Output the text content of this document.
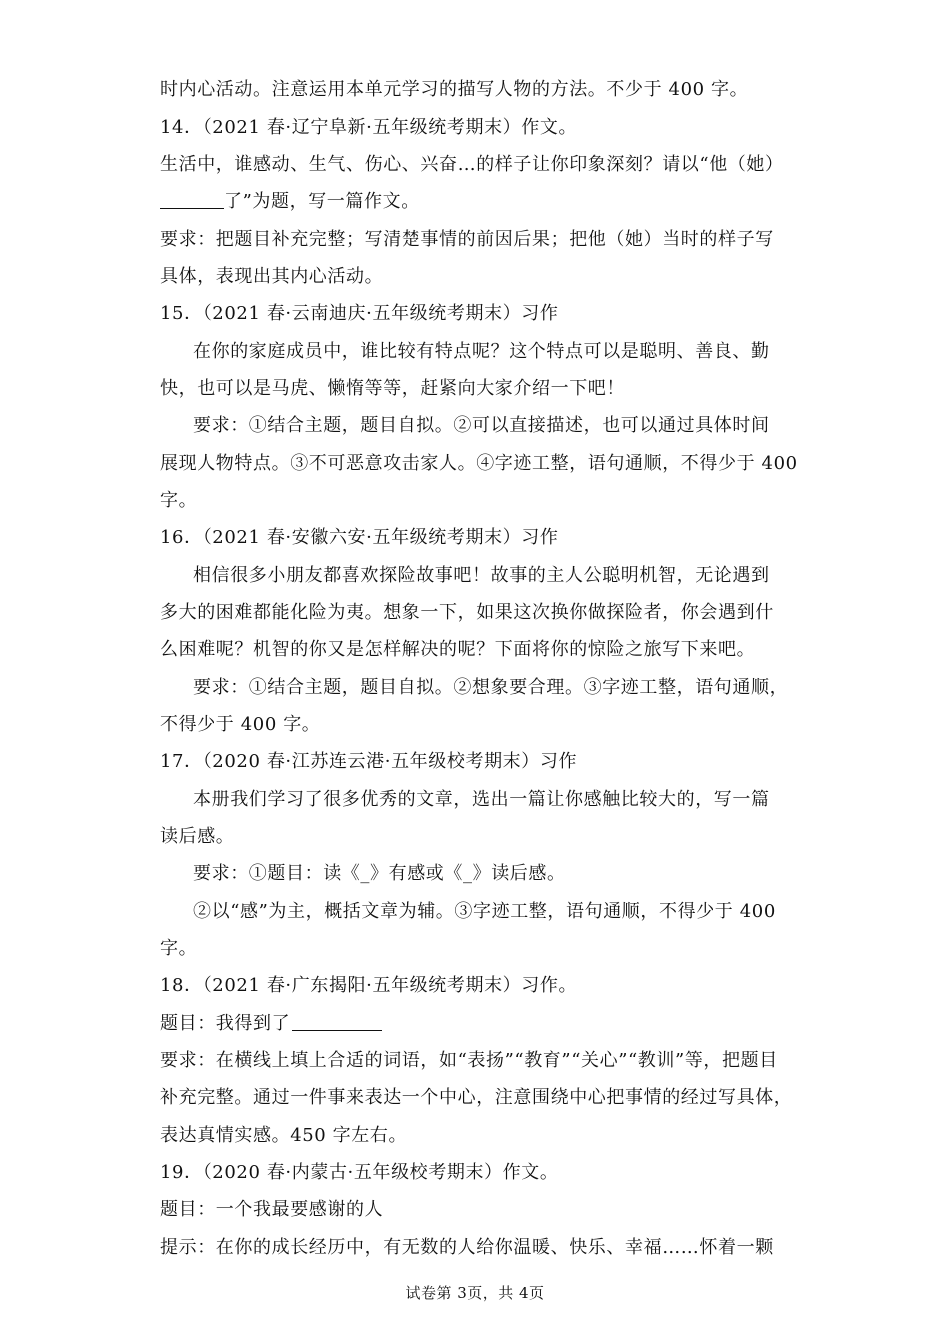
时内心活动。注意运用本单元学习的描写人物的方法。不少于 400 字。
14．（2021 春·辽宁阜新·五年级统考期末）作文。
生活中，谁感动、生气、伤心、兴奋…的样子让你印象深刻？请以“他（她）
了”为题，写一篇作文。
要求：把题目补充完整；写清楚事情的前因后果；把他（她）当时的样子写
具体，表现出其内心活动。
15．（2021 春·云南迪庆·五年级统考期末）习作
在你的家庭成员中，谁比较有特点呢？这个特点可以是聪明、善良、勤
快，也可以是马虎、懒惰等等，赶紧向大家介绍一下吧！
要求：①结合主题，题目自拟。②可以直接描述，也可以通过具体时间
展现人物特点。③不可恶意攻击家人。④字迹工整，语句通顺，不得少于 400
字。
16．（2021 春·安徽六安·五年级统考期末）习作
相信很多小朋友都喜欢探险故事吧！故事的主人公聪明机智，无论遇到
多大的困难都能化险为夷。想象一下，如果这次换你做探险者，你会遇到什
么困难呢？机智的你又是怎样解决的呢？下面将你的惊险之旅写下来吧。
要求：①结合主题，题目自拟。②想象要合理。③字迹工整，语句通顺，
不得少于 400 字。
17．（2020 春·江苏连云港·五年级校考期末）习作
本册我们学习了很多优秀的文章，选出一篇让你感触比较大的，写一篇
读后感。
要求：①题目：读《_》有感或《_》读后感。
②以“感”为主，概括文章为辅。③字迹工整，语句通顺，不得少于 400
字。
18．（2021 春·广东揭阳·五年级统考期末）习作。
题目：我得到了
要求：在横线上填上合适的词语，如“表扬”“教育”“关心”“教训”等，把题目
补充完整。通过一件事来表达一个中心，注意围绕中心把事情的经过写具体，
表达真情实感。450 字左右。
19．（2020 春·内蒙古·五年级校考期末）作文。
题目：一个我最要感谢的人
提示：在你的成长经历中，有无数的人给你温暖、快乐、幸福……怀着一颗
试卷第 3页，共 4页
